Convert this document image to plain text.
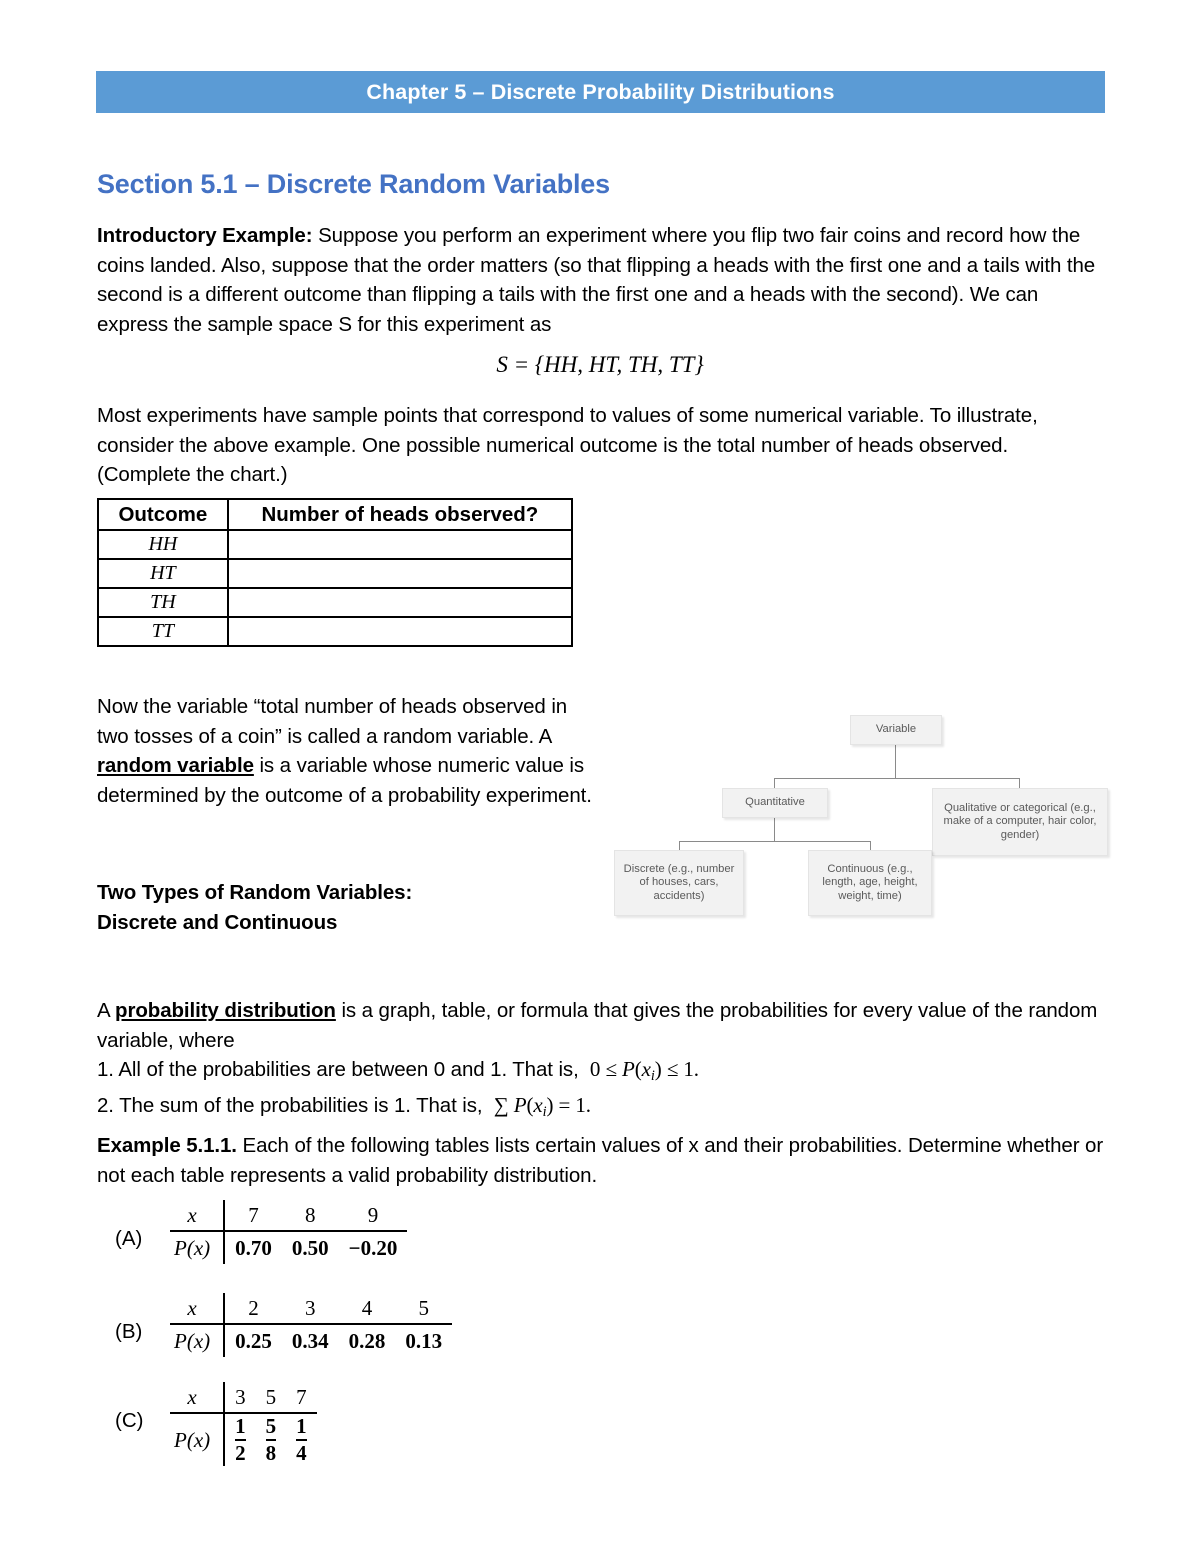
Chapter 5 – Discrete Probability Distributions
Section 5.1 – Discrete Random Variables
Introductory Example: Suppose you perform an experiment where you flip two fair coins and record how the coins landed. Also, suppose that the order matters (so that flipping a heads with the first one and a tails with the second is a different outcome than flipping a tails with the first one and a heads with the second). We can express the sample space S for this experiment as
S = {HH, HT, TH, TT}
Most experiments have sample points that correspond to values of some numerical variable. To illustrate, consider the above example. One possible numerical outcome is the total number of heads observed. (Complete the chart.)
Outcome	Number of heads observed?
HH	
HT	
TH	
TT	
Now the variable “total number of heads observed in two tosses of a coin” is called a random variable. A random variable is a variable whose numeric value is determined by the outcome of a probability experiment.
Two Types of Random Variables:
Discrete and Continuous
Variable
Quantitative	Qualitative or categorical (e.g., make of a computer, hair color, gender)
Discrete (e.g., number of houses, cars, accidents)
Continuous (e.g., length, age, height, weight, time)
A probability distribution is a graph, table, or formula that gives the probabilities for every value of the random variable, where
1. All of the probabilities are between 0 and 1. That is, $0 \le P(x_i) \le 1$.
2. The sum of the probabilities is 1. That is, ∑ $P(x_i) = 1$.
Example 5.1.1. Each of the following tables lists certain values of x and their probabilities. Determine whether or not each table represents a valid probability distribution.
(A)
x	7	8	9
P(x)	0.70	0.50	−0.20
(B)
x	2	3	4	5
P(x)	0.25	0.34	0.28	0.13
(C)
x	3	5	7
P(x)	$\frac{1}{2}$	$\frac{5}{8}$	$\frac{1}{4}$
